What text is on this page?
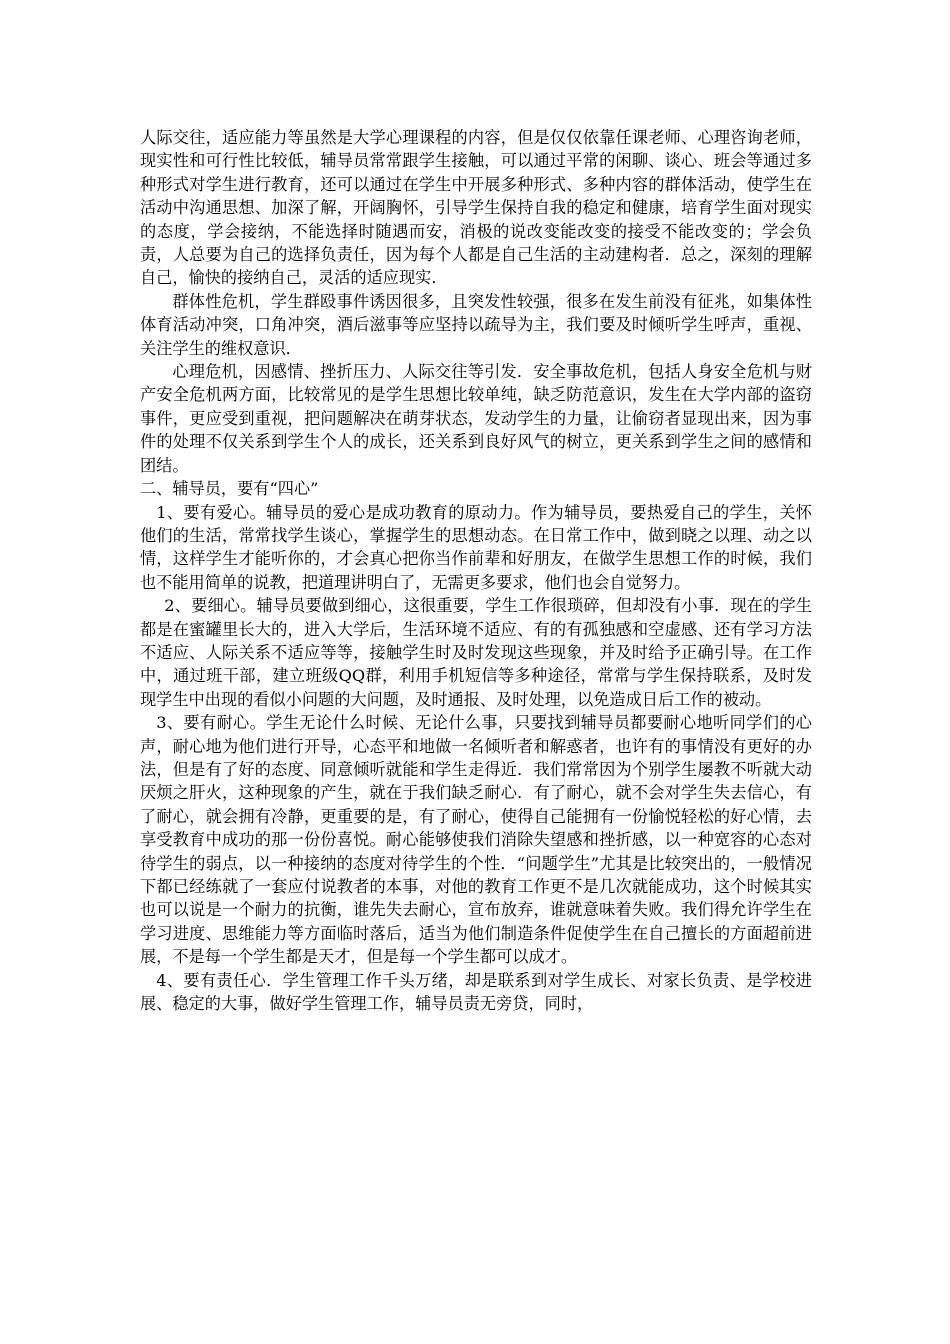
人际交往，适应能力等虽然是大学心理课程的内容，但是仅仅依靠任课老师、心理咨询老师，现实性和可行性比较低，辅导员常常跟学生接触，可以通过平常的闲聊、谈心、班会等通过多种形式对学生进行教育，还可以通过在学生中开展多种形式、多种内容的群体活动，使学生在活动中沟通思想、加深了解，开阔胸怀，引导学生保持自我的稳定和健康，培育学生面对现实的态度，学会接纳，不能选择时随遇而安，消极的说改变能改变的接受不能改变的；学会负责，人总要为自己的选择负责任，因为每个人都是自己生活的主动建构者．总之，深刻的理解自己，愉快的接纳自己，灵活的适应现实．

群体性危机，学生群殴事件诱因很多，且突发性较强，很多在发生前没有征兆，如集体性体育活动冲突，口角冲突，酒后滋事等应坚持以疏导为主，我们要及时倾听学生呼声，重视、关注学生的维权意识．

心理危机，因感情、挫折压力、人际交往等引发．安全事故危机，包括人身安全危机与财产安全危机两方面，比较常见的是学生思想比较单纯，缺乏防范意识，发生在大学内部的盗窃事件，更应受到重视，把问题解决在萌芽状态，发动学生的力量，让偷窃者显现出来，因为事件的处理不仅关系到学生个人的成长，还关系到良好风气的树立，更关系到学生之间的感情和团结。

二、辅导员，要有“四心”

1、要有爱心。辅导员的爱心是成功教育的原动力。作为辅导员，要热爱自己的学生，关怀他们的生活，常常找学生谈心，掌握学生的思想动态。在日常工作中，做到晓之以理、动之以情，这样学生才能听你的，才会真心把你当作前辈和好朋友，在做学生思想工作的时候，我们也不能用简单的说教，把道理讲明白了，无需更多要求，他们也会自觉努力。

2、要细心。辅导员要做到细心，这很重要，学生工作很琐碎，但却没有小事．现在的学生都是在蜜罐里长大的，进入大学后，生活环境不适应、有的有孤独感和空虚感、还有学习方法不适应、人际关系不适应等等，接触学生时及时发现这些现象，并及时给予正确引导。在工作中，通过班干部，建立班级QQ群，利用手机短信等多种途径，常常与学生保持联系，及时发现学生中出现的看似小问题的大问题，及时通报、及时处理，以免造成日后工作的被动。

3、要有耐心。学生无论什么时候、无论什么事，只要找到辅导员都要耐心地听同学们的心声，耐心地为他们进行开导，心态平和地做一名倾听者和解惑者，也许有的事情没有更好的办法，但是有了好的态度、同意倾听就能和学生走得近．我们常常因为个别学生屡教不听就大动厌烦之肝火，这种现象的产生，就在于我们缺乏耐心．有了耐心，就不会对学生失去信心，有了耐心，就会拥有冷静，更重要的是，有了耐心，使得自己能拥有一份愉悦轻松的好心情，去享受教育中成功的那一份份喜悦。耐心能够使我们消除失望感和挫折感，以一种宽容的心态对待学生的弱点，以一种接纳的态度对待学生的个性．“问题学生”尤其是比较突出的，一般情况下都已经练就了一套应付说教者的本事，对他的教育工作更不是几次就能成功，这个时候其实也可以说是一个耐力的抗衡，谁先失去耐心，宣布放弃，谁就意味着失败。我们得允许学生在学习进度、思维能力等方面临时落后，适当为他们制造条件促使学生在自己擅长的方面超前进展，不是每一个学生都是天才，但是每一个学生都可以成才。

4、要有责任心．学生管理工作千头万绪，却是联系到对学生成长、对家长负责、是学校进展、稳定的大事，做好学生管理工作，辅导员责无旁贷，同时，
